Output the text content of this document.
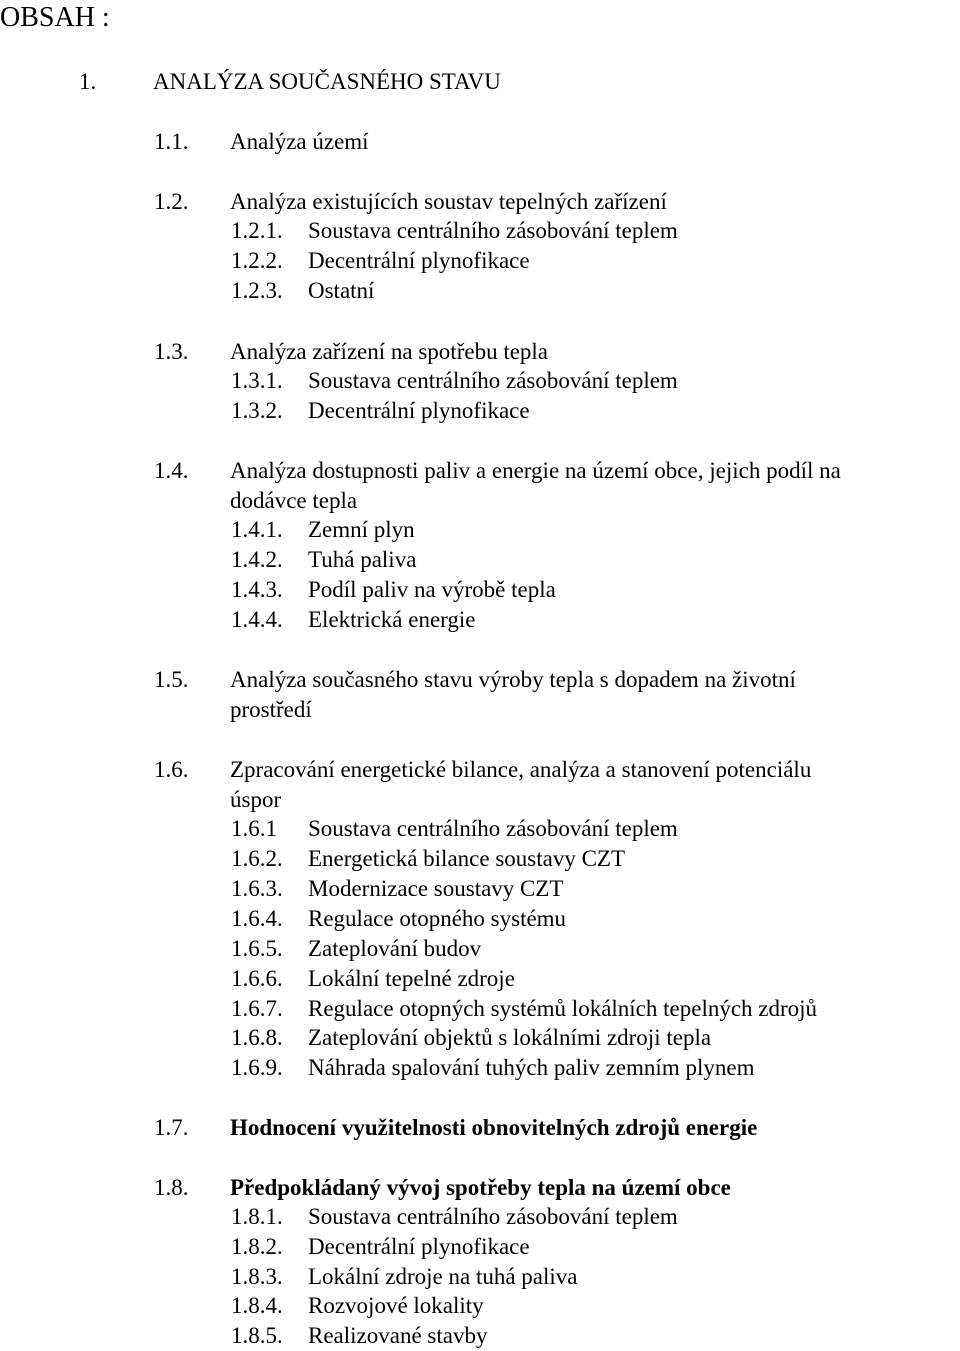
OBSAH :
1. ANALÝZA SOUČASNÉHO STAVU
1.1. Analýza území
1.2. Analýza existujících soustav tepelných zařízení
1.2.1. Soustava centrálního zásobování teplem
1.2.2. Decentrální plynofikace
1.2.3. Ostatní
1.3. Analýza zařízení na spotřebu tepla
1.3.1. Soustava centrálního zásobování teplem
1.3.2. Decentrální plynofikace
1.4. Analýza dostupnosti paliv a energie na území obce, jejich podíl na
dodávce tepla
1.4.1. Zemní plyn
1.4.2. Tuhá paliva
1.4.3. Podíl paliv na výrobě tepla
1.4.4. Elektrická energie
1.5. Analýza současného stavu výroby tepla s dopadem na životní
prostředí
1.6. Zpracování energetické bilance, analýza a stanovení potenciálu
úspor
1.6.1 Soustava centrálního zásobování teplem
1.6.2. Energetická bilance soustavy CZT
1.6.3. Modernizace soustavy CZT
1.6.4. Regulace otopného systému
1.6.5. Zateplování budov
1.6.6. Lokální tepelné zdroje
1.6.7. Regulace otopných systémů lokálních tepelných zdrojů
1.6.8. Zateplování objektů s lokálními zdroji tepla
1.6.9. Náhrada spalování tuhých paliv zemním plynem
1.7. Hodnocení využitelnosti obnovitelných zdrojů energie
1.8. Předpokládaný vývoj spotřeby tepla na území obce
1.8.1. Soustava centrálního zásobování teplem
1.8.2. Decentrální plynofikace
1.8.3. Lokální zdroje na tuhá paliva
1.8.4. Rozvojové lokality
1.8.5. Realizované stavby
